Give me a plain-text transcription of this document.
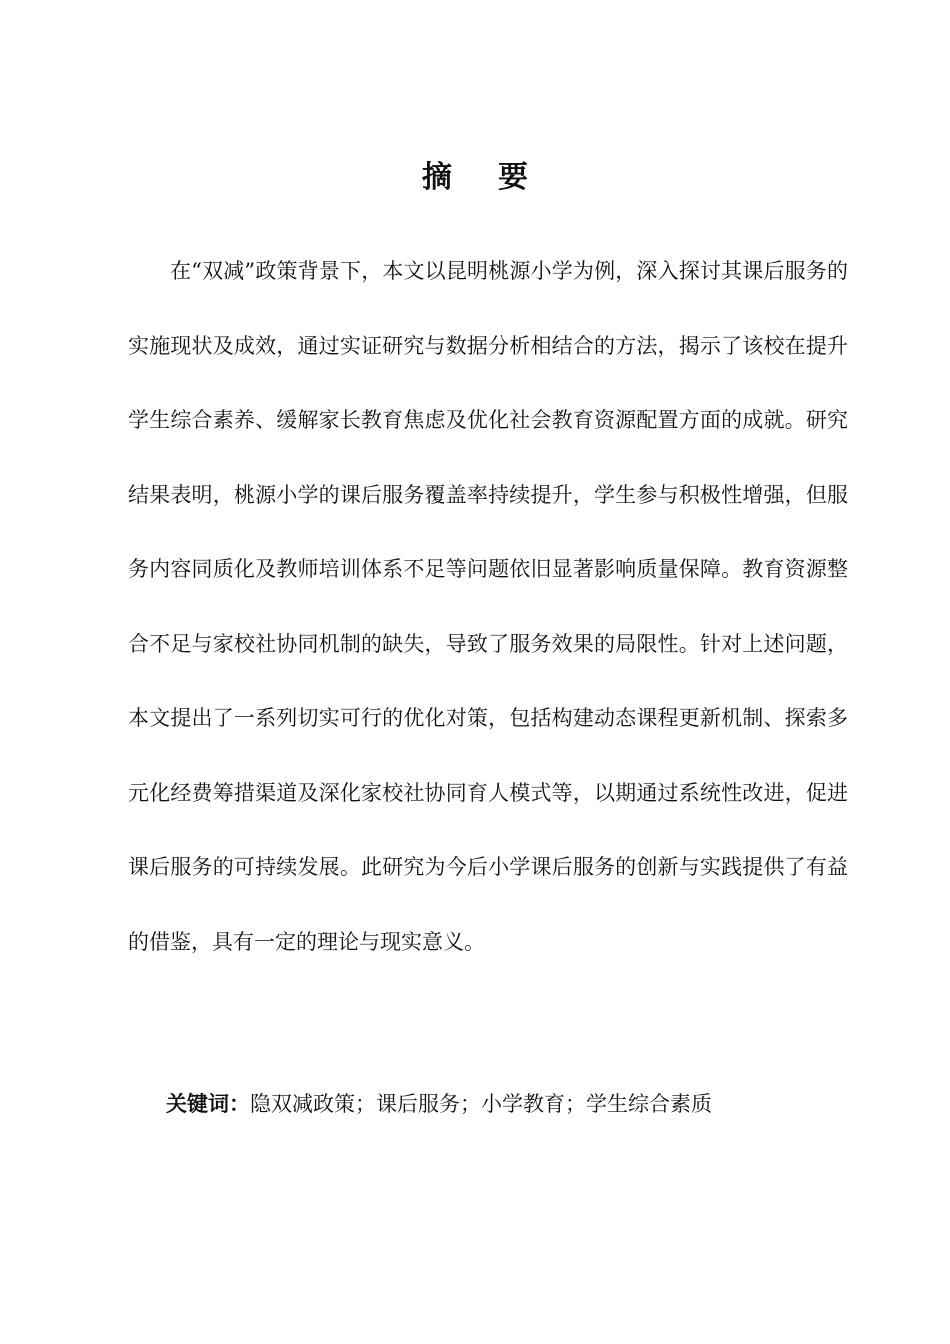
摘 要

在“双减”政策背景下，本文以昆明桃源小学为例，深入探讨其课后服务的实施现状及成效，通过实证研究与数据分析相结合的方法，揭示了该校在提升学生综合素养、缓解家长教育焦虑及优化社会教育资源配置方面的成就。研究结果表明，桃源小学的课后服务覆盖率持续提升，学生参与积极性增强，但服务内容同质化及教师培训体系不足等问题依旧显著影响质量保障。教育资源整合不足与家校社协同机制的缺失，导致了服务效果的局限性。针对上述问题，本文提出了一系列切实可行的优化对策，包括构建动态课程更新机制、探索多元化经费筹措渠道及深化家校社协同育人模式等，以期通过系统性改进，促进课后服务的可持续发展。此研究为今后小学课后服务的创新与实践提供了有益的借鉴，具有一定的理论与现实意义。

关键词：隐双减政策；课后服务；小学教育；学生综合素质
